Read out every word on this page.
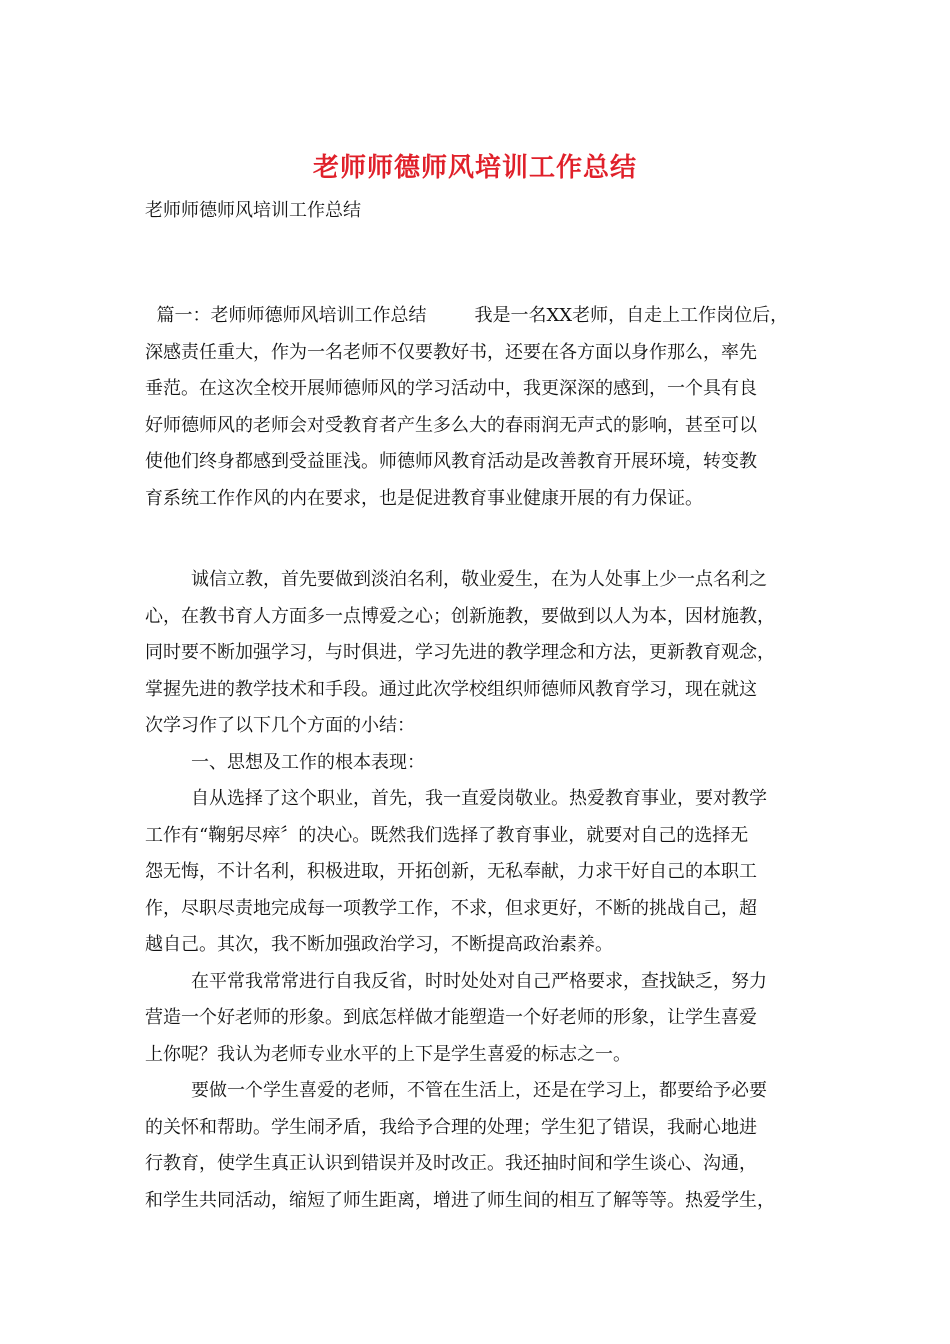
老师师德师风培训工作总结

老师师德师风培训工作总结

篇一：老师师德师风培训工作总结	我是一名XX老师，自走上工作岗位后，
深感责任重大，作为一名老师不仅要教好书，还要在各方面以身作那么，率先
垂范。在这次全校开展师德师风的学习活动中，我更深深的感到，一个具有良
好师德师风的老师会对受教育者产生多么大的春雨润无声式的影响，甚至可以
使他们终身都感到受益匪浅。师德师风教育活动是改善教育开展环境，转变教
育系统工作作风的内在要求，也是促进教育事业健康开展的有力保证。
诚信立教，首先要做到淡泊名利，敬业爱生，在为人处事上少一点名利之
心，在教书育人方面多一点博爱之心；创新施教，要做到以人为本，因材施教，
同时要不断加强学习，与时俱进，学习先进的教学理念和方法，更新教育观念，
掌握先进的教学技术和手段。通过此次学校组织师德师风教育学习，现在就这
次学习作了以下几个方面的小结：
一、思想及工作的根本表现：
自从选择了这个职业，首先，我一直爱岗敬业。热爱教育事业，要对教学
工作有“鞠躬尽瘁〞的决心。既然我们选择了教育事业，就要对自己的选择无
怨无悔，不计名利，积极进取，开拓创新，无私奉献，力求干好自己的本职工
作，尽职尽责地完成每一项教学工作，不求，但求更好，不断的挑战自己，超
越自己。其次，我不断加强政治学习，不断提高政治素养。
在平常我常常进行自我反省，时时处处对自己严格要求，查找缺乏，努力
营造一个好老师的形象。到底怎样做才能塑造一个好老师的形象，让学生喜爱
上你呢？我认为老师专业水平的上下是学生喜爱的标志之一。
要做一个学生喜爱的老师，不管在生活上，还是在学习上，都要给予必要
的关怀和帮助。学生闹矛盾，我给予合理的处理；学生犯了错误，我耐心地进
行教育，使学生真正认识到错误并及时改正。我还抽时间和学生谈心、沟通，
和学生共同活动，缩短了师生距离，增进了师生间的相互了解等等。热爱学生，
